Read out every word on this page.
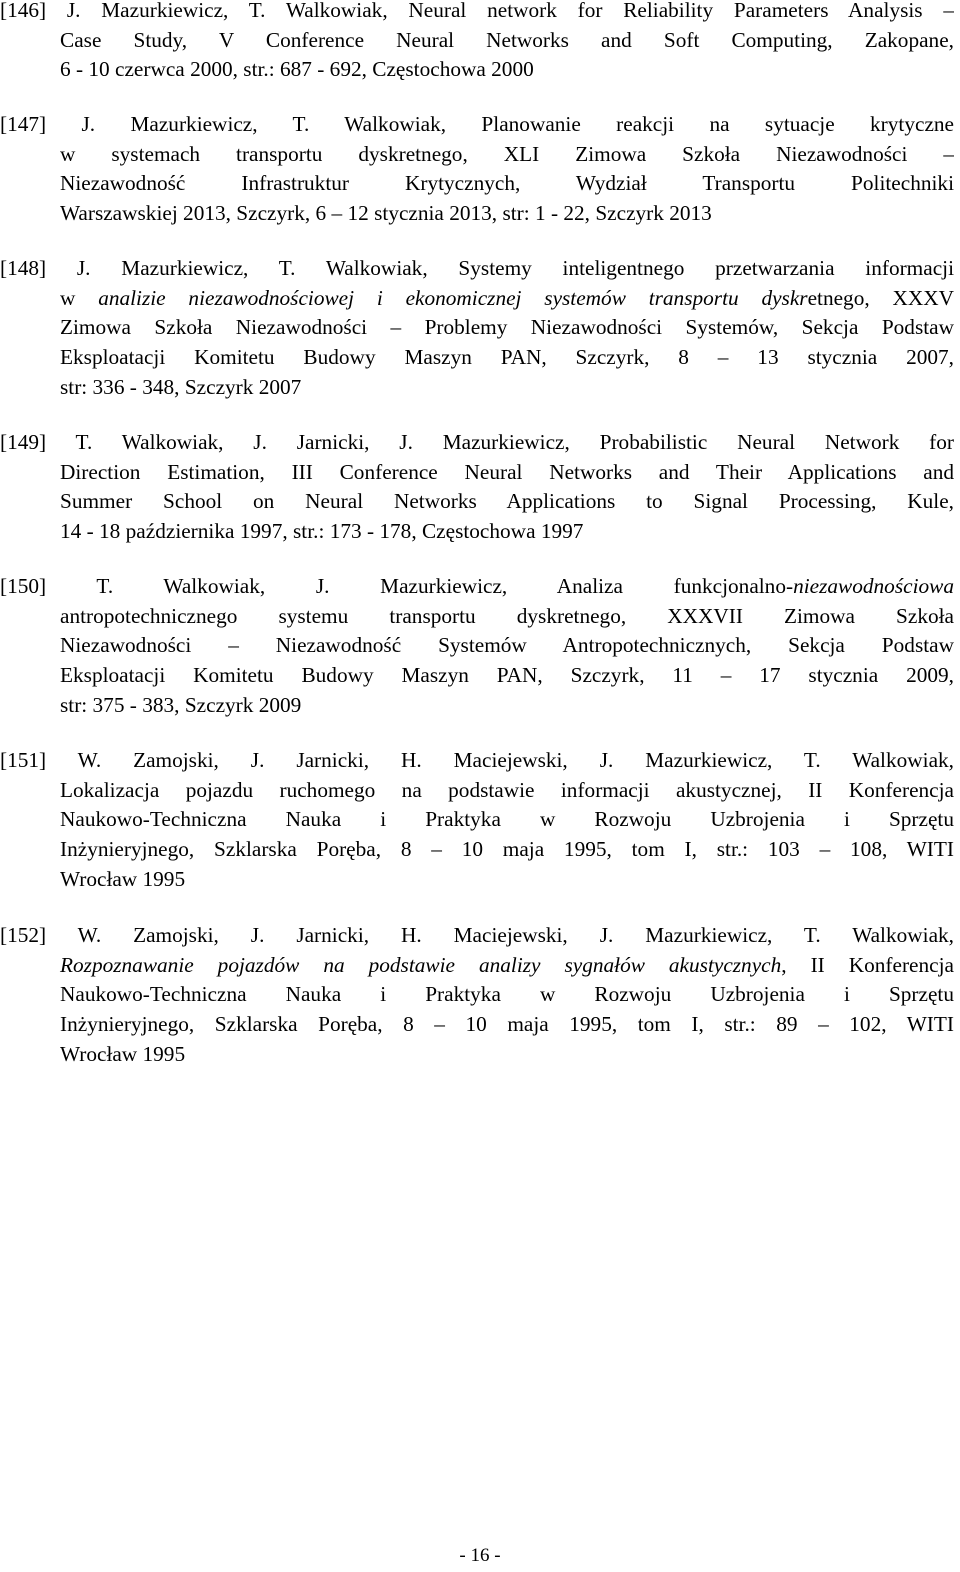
[146] J. Mazurkiewicz, T. Walkowiak, Neural network for Reliability Parameters Analysis –
Case Study, V Conference Neural Networks and Soft Computing, Zakopane,
6 - 10 czerwca 2000, str.: 687 - 692, Częstochowa 2000
[147] J. Mazurkiewicz, T. Walkowiak, Planowanie reakcji na sytuacje krytyczne
w systemach transportu dyskretnego, XLI Zimowa Szkoła Niezawodności –
Niezawodność Infrastruktur Krytycznych, Wydział Transportu Politechniki
Warszawskiej 2013, Szczyrk, 6 – 12 stycznia 2013, str: 1 - 22, Szczyrk 2013
[148] J. Mazurkiewicz, T. Walkowiak, Systemy inteligentnego przetwarzania informacji
w analizie niezawodnościowej i ekonomicznej systemów transportu dyskretnego, XXXV
Zimowa Szkoła Niezawodności – Problemy Niezawodności Systemów, Sekcja Podstaw
Eksploatacji Komitetu Budowy Maszyn PAN, Szczyrk, 8 – 13 stycznia 2007,
str: 336 - 348, Szczyrk 2007
[149] T. Walkowiak, J. Jarnicki, J. Mazurkiewicz, Probabilistic Neural Network for
Direction Estimation, III Conference Neural Networks and Their Applications and
Summer School on Neural Networks Applications to Signal Processing, Kule,
14 - 18 października 1997, str.: 173 - 178, Częstochowa 1997
[150] T. Walkowiak, J. Mazurkiewicz, Analiza funkcjonalno-niezawodnościowa
antropotechnicznego systemu transportu dyskretnego, XXXVII Zimowa Szkoła
Niezawodności – Niezawodność Systemów Antropotechnicznych, Sekcja Podstaw
Eksploatacji Komitetu Budowy Maszyn PAN, Szczyrk, 11 – 17 stycznia 2009,
str: 375 - 383, Szczyrk 2009
[151] W. Zamojski, J. Jarnicki, H. Maciejewski, J. Mazurkiewicz, T. Walkowiak,
Lokalizacja pojazdu ruchomego na podstawie informacji akustycznej, II Konferencja
Naukowo-Techniczna Nauka i Praktyka w Rozwoju Uzbrojenia i Sprzętu
Inżynieryjnego, Szklarska Poręba, 8 – 10 maja 1995, tom I, str.: 103 – 108, WITI
Wrocław 1995
[152] W. Zamojski, J. Jarnicki, H. Maciejewski, J. Mazurkiewicz, T. Walkowiak,
Rozpoznawanie pojazdów na podstawie analizy sygnałów akustycznych, II Konferencja
Naukowo-Techniczna Nauka i Praktyka w Rozwoju Uzbrojenia i Sprzętu
Inżynieryjnego, Szklarska Poręba, 8 – 10 maja 1995, tom I, str.: 89 – 102, WITI
Wrocław 1995
- 16 -
